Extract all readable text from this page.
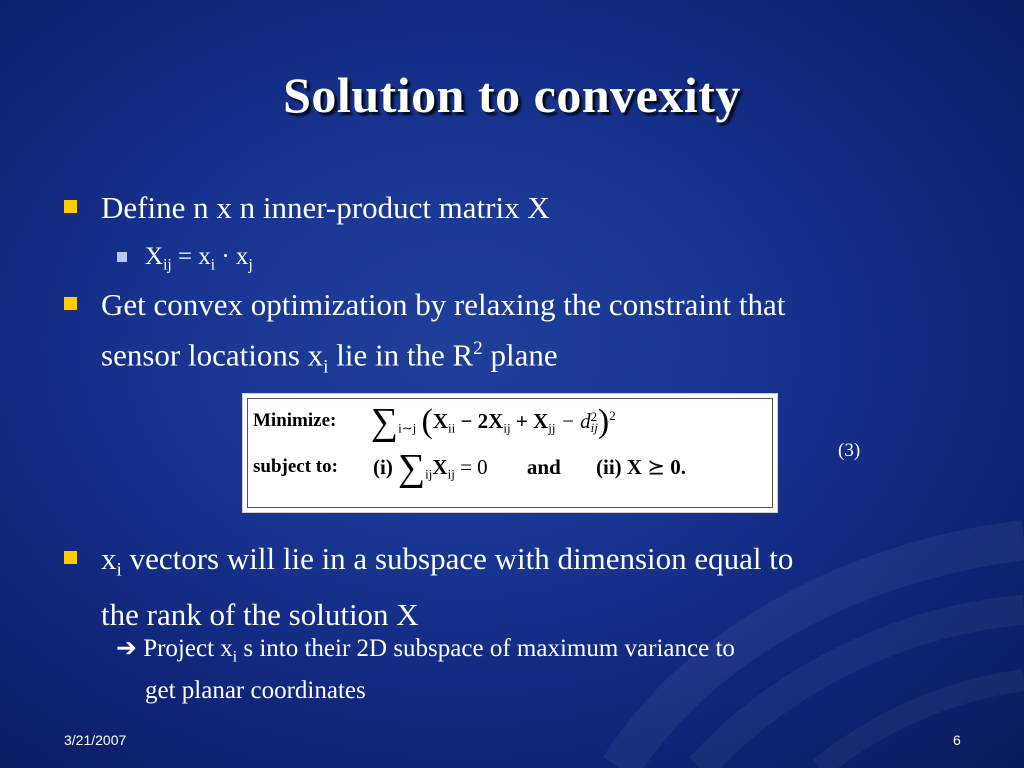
Solution to convexity
Define n x n inner-product matrix X
$X_{ij} = x_i \cdot x_j$
Get convex optimization by relaxing the constraint that
sensor locations $x_i$ lie in the $R^2$ plane
Minimize: $\sum_{i\sim j}$ ($X_{ii} - 2X_{ij} + X_{jj} - d$ 2
ij )$^2$
subject to: (i) $\sum_{ij}X_{ij} = 0$ and (ii) X ⪰ 0.
(3)
$x_i$ vectors will lie in a subspace with dimension equal to
the rank of the solution X
➔ Project $x_i$ s into their 2D subspace of maximum variance to
get planar coordinates
3/21/2007	6
